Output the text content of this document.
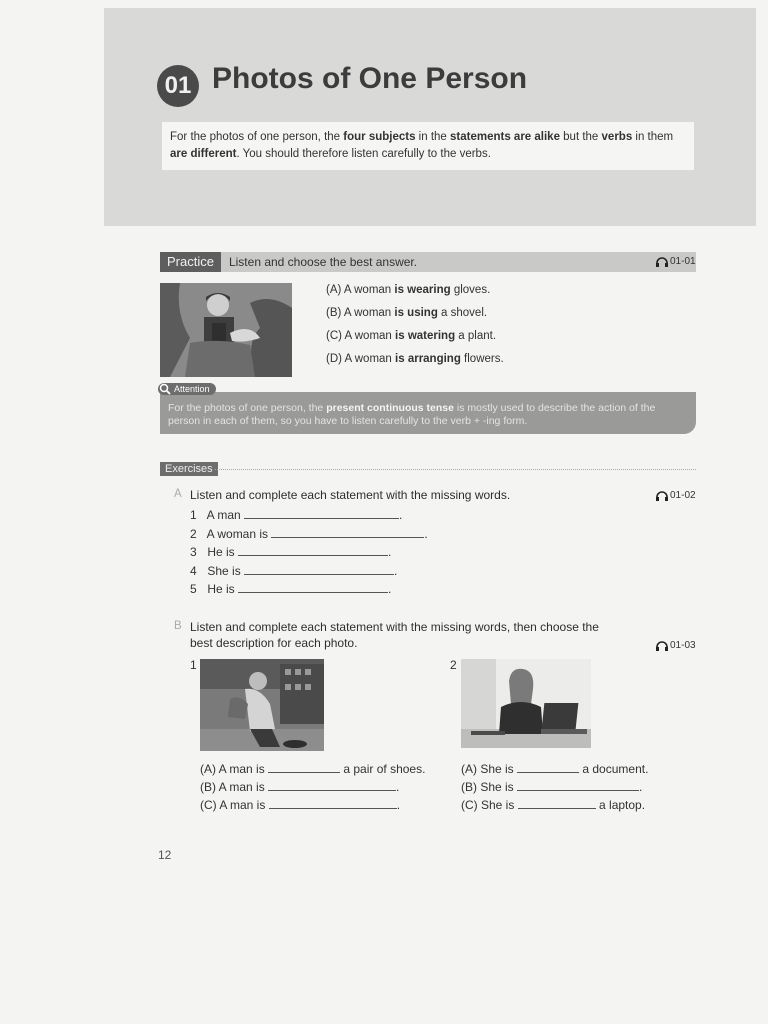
01 Photos of One Person
For the photos of one person, the four subjects in the statements are alike but the verbs in them are different. You should therefore listen carefully to the verbs.
Practice	Listen and choose the best answer.	01-01
(A) A woman is wearing gloves.
(B) A woman is using a shovel.
(C) A woman is watering a plant.
(D) A woman is arranging flowers.
For the photos of one person, the present continuous tense is mostly used to describe the action of the person in each of them, so you have to listen carefully to the verb + -ing form.
Attention
Exercises
A Listen and complete each statement with the missing words.	01-02
1 A man	.
2 A woman is	.
3 He is	.
4 She is	.
5 He is	.
B Listen and complete each statement with the missing words, then choose the
best description for each photo.	01-03
1	2
(A) A man is	a pair of shoes.
(B) A man is	.
(C) A man is	.
(A) She is	a document.
(B) She is	.
(C) She is	a laptop.
12
